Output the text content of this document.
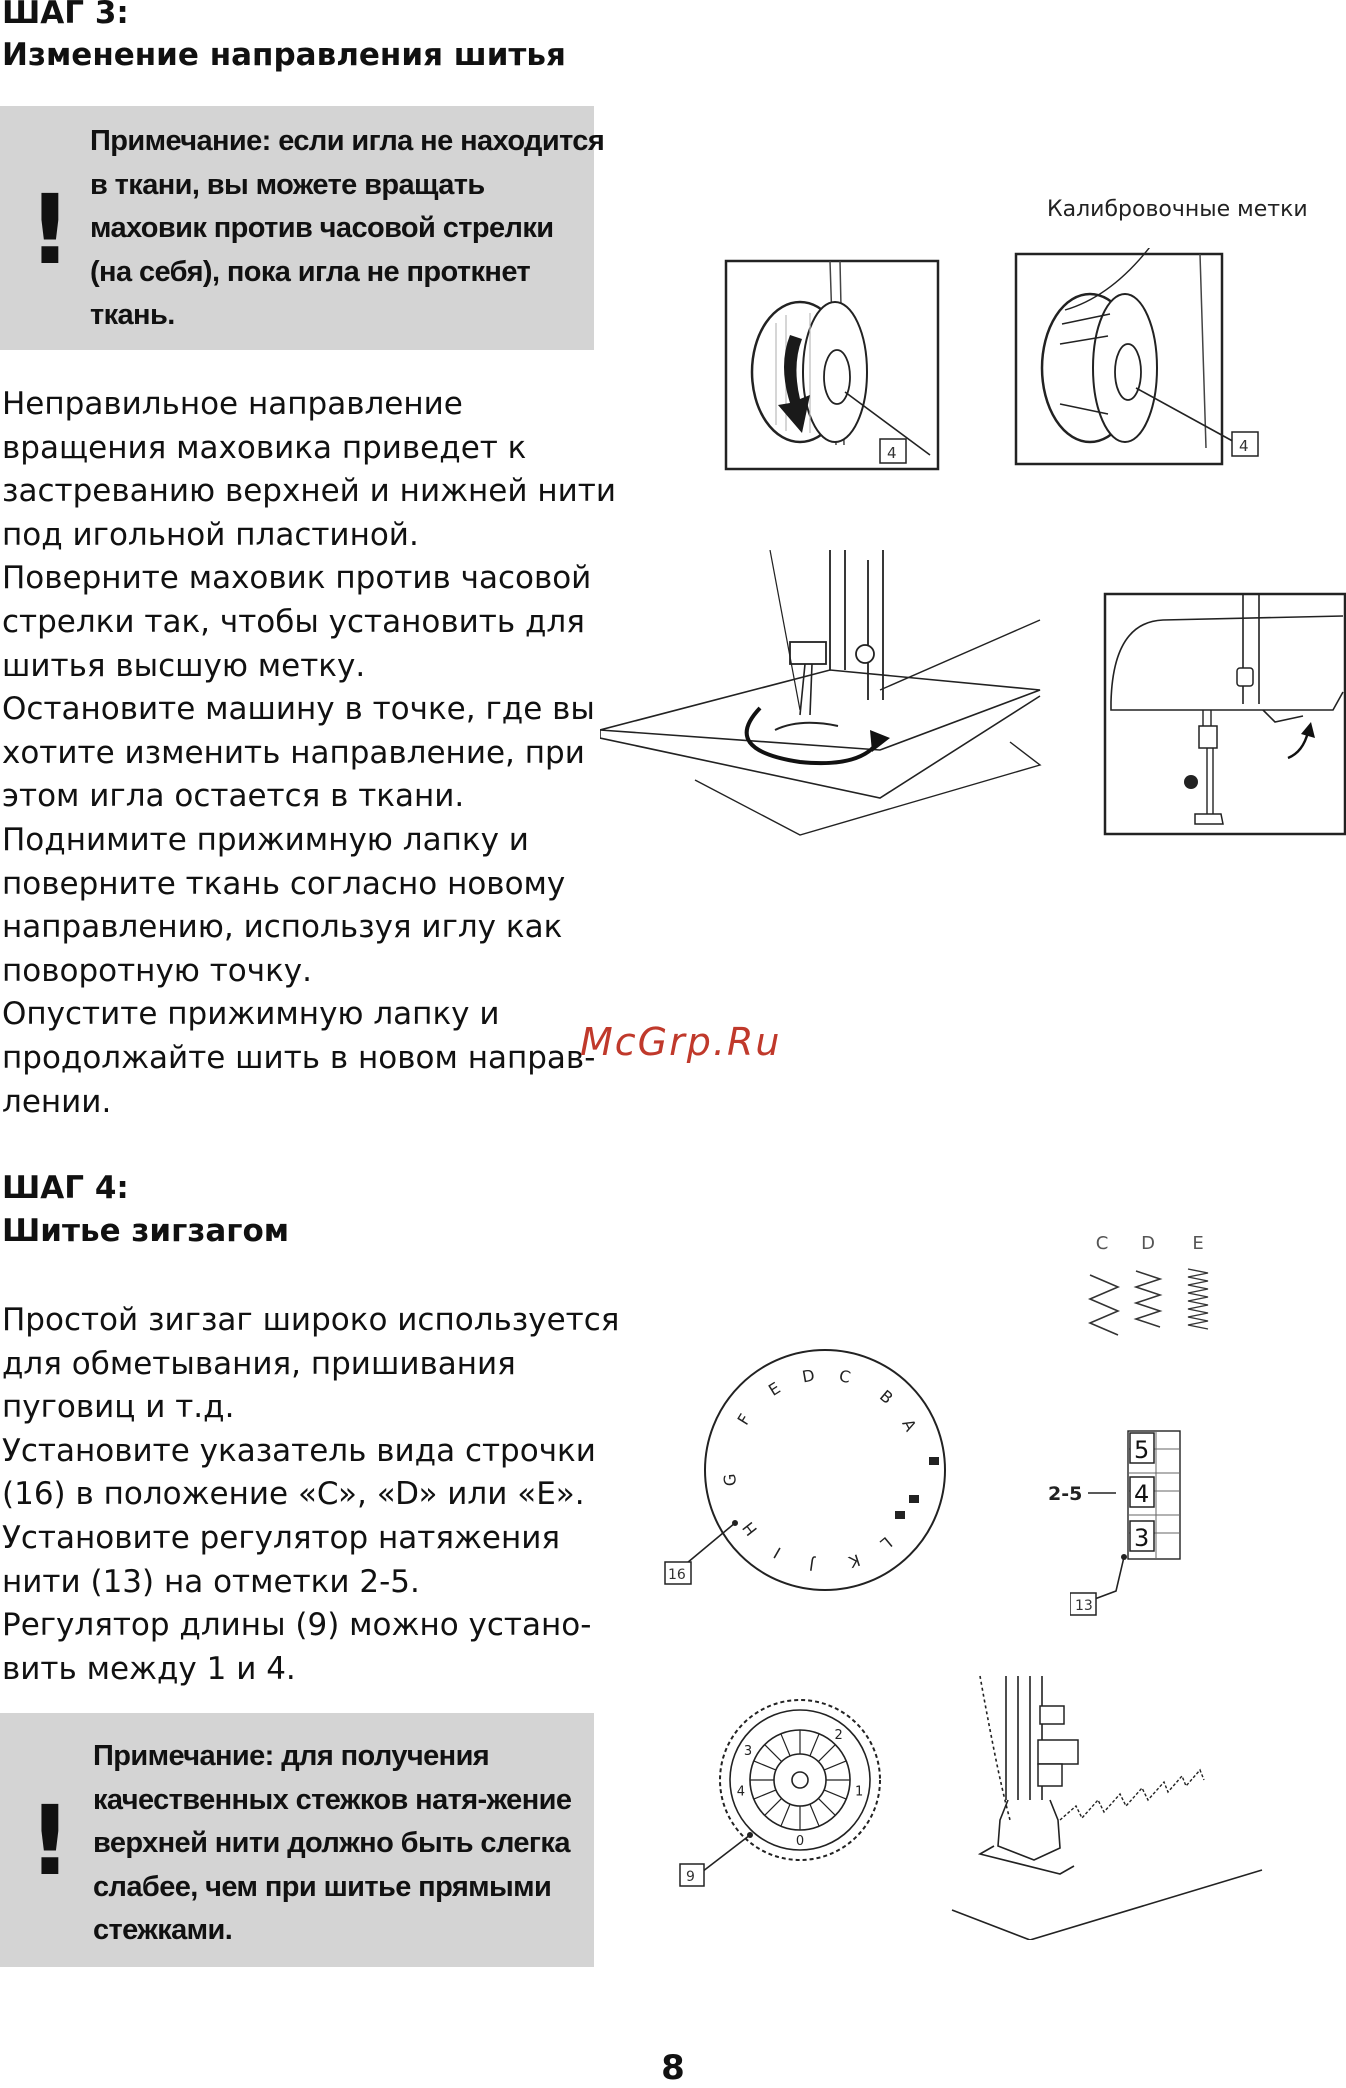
ШАГ 3:
Изменение направления шитья
!
Примечание: если игла не находится
в ткани, вы можете вращать
маховик против часовой стрелки
(на себя), пока игла не проткнет
ткань.
Неправильное направление
вращения маховика приведет к
застреванию верхней и нижней нити
под игольной пластиной.
Поверните маховик против часовой
стрелки так, чтобы установить для
шитья высшую метку.
Остановите машину в точке, где вы
хотите изменить направление, при
этом игла остается в ткани.
Поднимите прижимную лапку и
поверните ткань согласно новому
направлению, используя иглу как
поворотную точку.
Опустите прижимную лапку и
продолжайте шить в новом направ-
лении.
Калибровочные метки
4	4
McGrp.Ru
ШАГ 4:
Шитье зигзагом
Простой зигзаг широко используется
для обметывания, пришивания
пуговиц и т.д.
Установите указатель вида строчки
(16) в положение «C», «D» или «E».
Установите регулятор натяжения
нити (13) на отметки 2-5.
Регулятор длины (9) можно устано-
вить между 1 и 4.
!
Примечание: для получения
качественных стежков натя-жение
верхней нити должно быть слегка
слабее, чем при шитье прямыми
стежками.
C D E
16
A
B
C
D
E
F
G
H
I
J K
L
2-5
5
4
3
13
9
0
1
2
3
4
8
